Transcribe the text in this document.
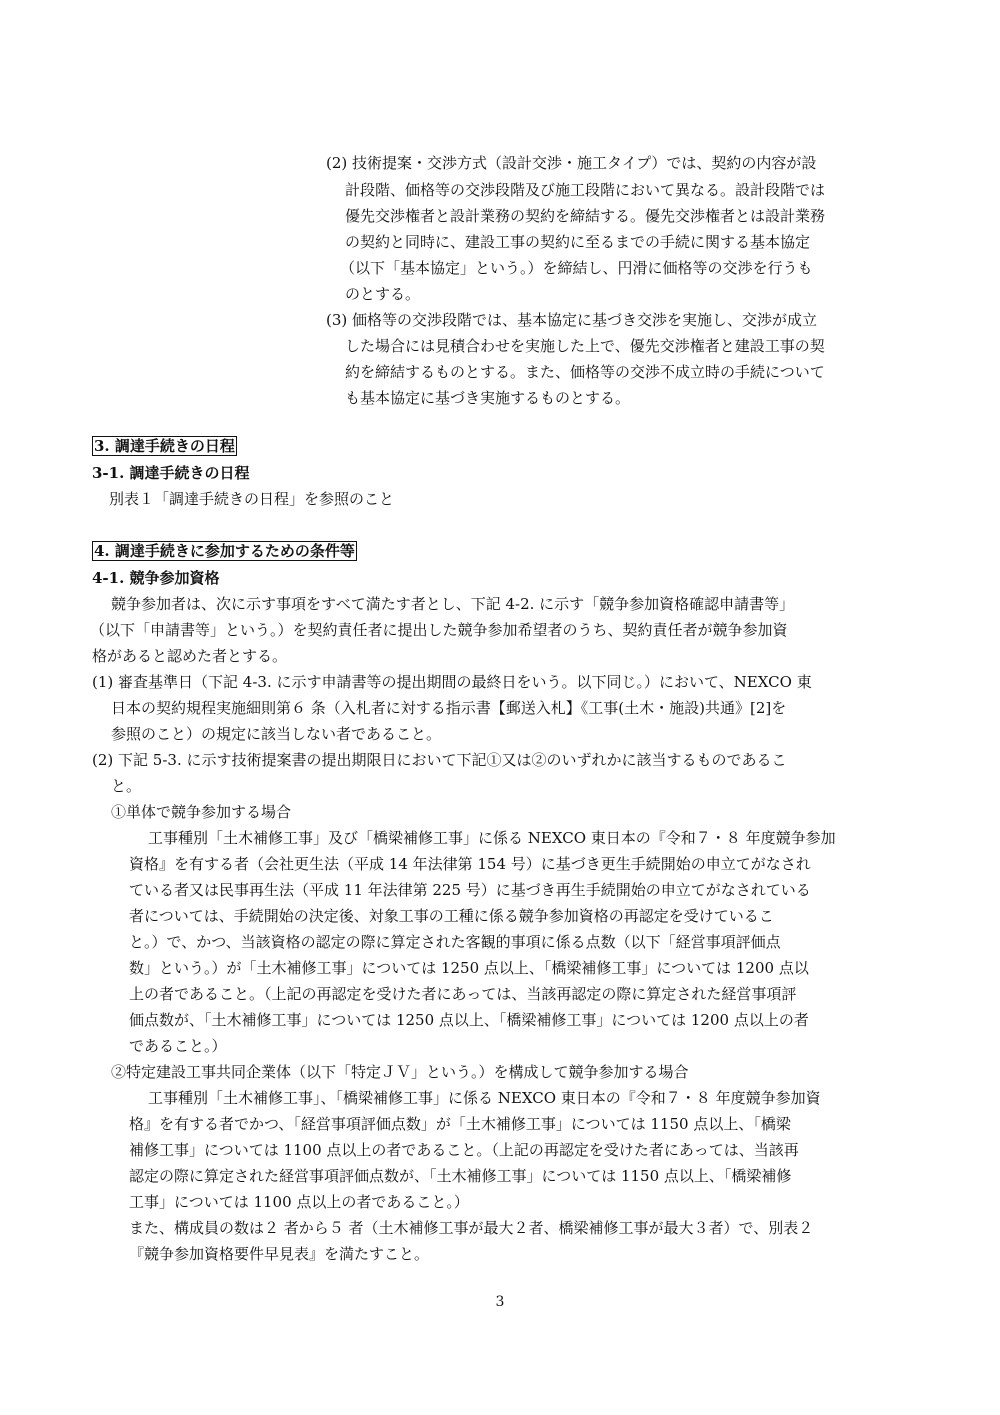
(2) 技術提案・交渉方式（設計交渉・施工タイプ）では、契約の内容が設
計段階、価格等の交渉段階及び施工段階において異なる。設計段階では
優先交渉権者と設計業務の契約を締結する。優先交渉権者とは設計業務
の契約と同時に、建設工事の契約に至るまでの手続に関する基本協定
（以下「基本協定」という。）を締結し、円滑に価格等の交渉を行うも
のとする。
(3) 価格等の交渉段階では、基本協定に基づき交渉を実施し、交渉が成立
した場合には見積合わせを実施した上で、優先交渉権者と建設工事の契
約を締結するものとする。また、価格等の交渉不成立時の手続について
も基本協定に基づき実施するものとする。
3. 調達手続きの日程
3-1. 調達手続きの日程
別表１「調達手続きの日程」を参照のこと
4. 調達手続きに参加するための条件等
4-1. 競争参加資格
競争参加者は、次に示す事項をすべて満たす者とし、下記 4-2. に示す「競争参加資格確認申請書等」
（以下「申請書等」という。）を契約責任者に提出した競争参加希望者のうち、契約責任者が競争参加資
格があると認めた者とする。
(1) 審査基準日（下記 4-3. に示す申請書等の提出期間の最終日をいう。以下同じ。）において、NEXCO 東
日本の契約規程実施細則第６ 条（入札者に対する指示書【郵送入札】《工事(土木・施設)共通》[2]を
参照のこと）の規定に該当しない者であること。
(2) 下記 5-3. に示す技術提案書の提出期限日において下記①又は②のいずれかに該当するものであるこ
と。
①単体で競争参加する場合
工事種別「土木補修工事」及び「橋梁補修工事」に係る NEXCO 東日本の『令和７・８ 年度競争参加
資格』を有する者（会社更生法（平成 14 年法律第 154 号）に基づき更生手続開始の申立てがなされ
ている者又は民事再生法（平成 11 年法律第 225 号）に基づき再生手続開始の申立てがなされている
者については、手続開始の決定後、対象工事の工種に係る競争参加資格の再認定を受けているこ
と。）で、かつ、当該資格の認定の際に算定された客観的事項に係る点数（以下「経営事項評価点
数」という。）が「土木補修工事」については 1250 点以上、「橋梁補修工事」については 1200 点以
上の者であること。（上記の再認定を受けた者にあっては、当該再認定の際に算定された経営事項評
価点数が、「土木補修工事」については 1250 点以上、「橋梁補修工事」については 1200 点以上の者
であること。）
②特定建設工事共同企業体（以下「特定ＪＶ」という。）を構成して競争参加する場合
工事種別「土木補修工事」、「橋梁補修工事」に係る NEXCO 東日本の『令和７・８ 年度競争参加資
格』を有する者でかつ、「経営事項評価点数」が「土木補修工事」については 1150 点以上、「橋梁
補修工事」については 1100 点以上の者であること。（上記の再認定を受けた者にあっては、当該再
認定の際に算定された経営事項評価点数が、「土木補修工事」については 1150 点以上、「橋梁補修
工事」については 1100 点以上の者であること。）
また、構成員の数は２ 者から５ 者（土木補修工事が最大２者、橋梁補修工事が最大３者）で、別表２
『競争参加資格要件早見表』を満たすこと。
3
